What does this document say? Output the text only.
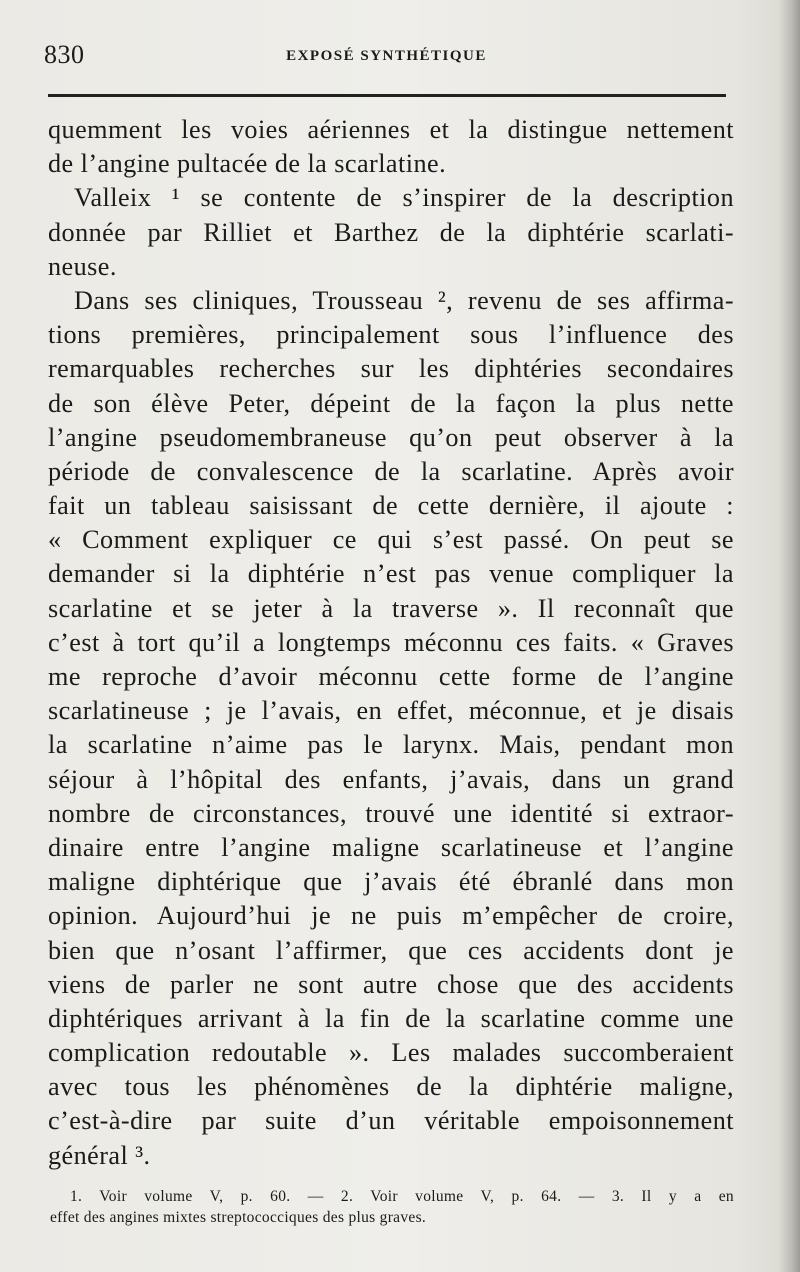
830	EXPOSÉ SYNTHÉTIQUE
quemment les voies aériennes et la distingue nettement
de l’angine pultacée de la scarlatine.
Valleix ¹ se contente de s’inspirer de la description
donnée par Rilliet et Barthez de la diphtérie scarlati-
neuse.
Dans ses cliniques, Trousseau ², revenu de ses affirma-
tions premières, principalement sous l’influence des
remarquables recherches sur les diphtéries secondaires
de son élève Peter, dépeint de la façon la plus nette
l’angine pseudomembraneuse qu’on peut observer à la
période de convalescence de la scarlatine. Après avoir
fait un tableau saisissant de cette dernière, il ajoute :
« Comment expliquer ce qui s’est passé. On peut se
demander si la diphtérie n’est pas venue compliquer la
scarlatine et se jeter à la traverse ». Il reconnaît que
c’est à tort qu’il a longtemps méconnu ces faits. « Graves
me reproche d’avoir méconnu cette forme de l’angine
scarlatineuse ; je l’avais, en effet, méconnue, et je disais
la scarlatine n’aime pas le larynx. Mais, pendant mon
séjour à l’hôpital des enfants, j’avais, dans un grand
nombre de circonstances, trouvé une identité si extraor-
dinaire entre l’angine maligne scarlatineuse et l’angine
maligne diphtérique que j’avais été ébranlé dans mon
opinion. Aujourd’hui je ne puis m’empêcher de croire,
bien que n’osant l’affirmer, que ces accidents dont je
viens de parler ne sont autre chose que des accidents
diphtériques arrivant à la fin de la scarlatine comme une
complication redoutable ». Les malades succomberaient
avec tous les phénomènes de la diphtérie maligne,
c’est-à-dire par suite d’un véritable empoisonnement
général ³.
1. Voir volume V, p. 60. — 2. Voir volume V, p. 64. — 3. Il y a en
effet des angines mixtes streptococciques des plus graves.
